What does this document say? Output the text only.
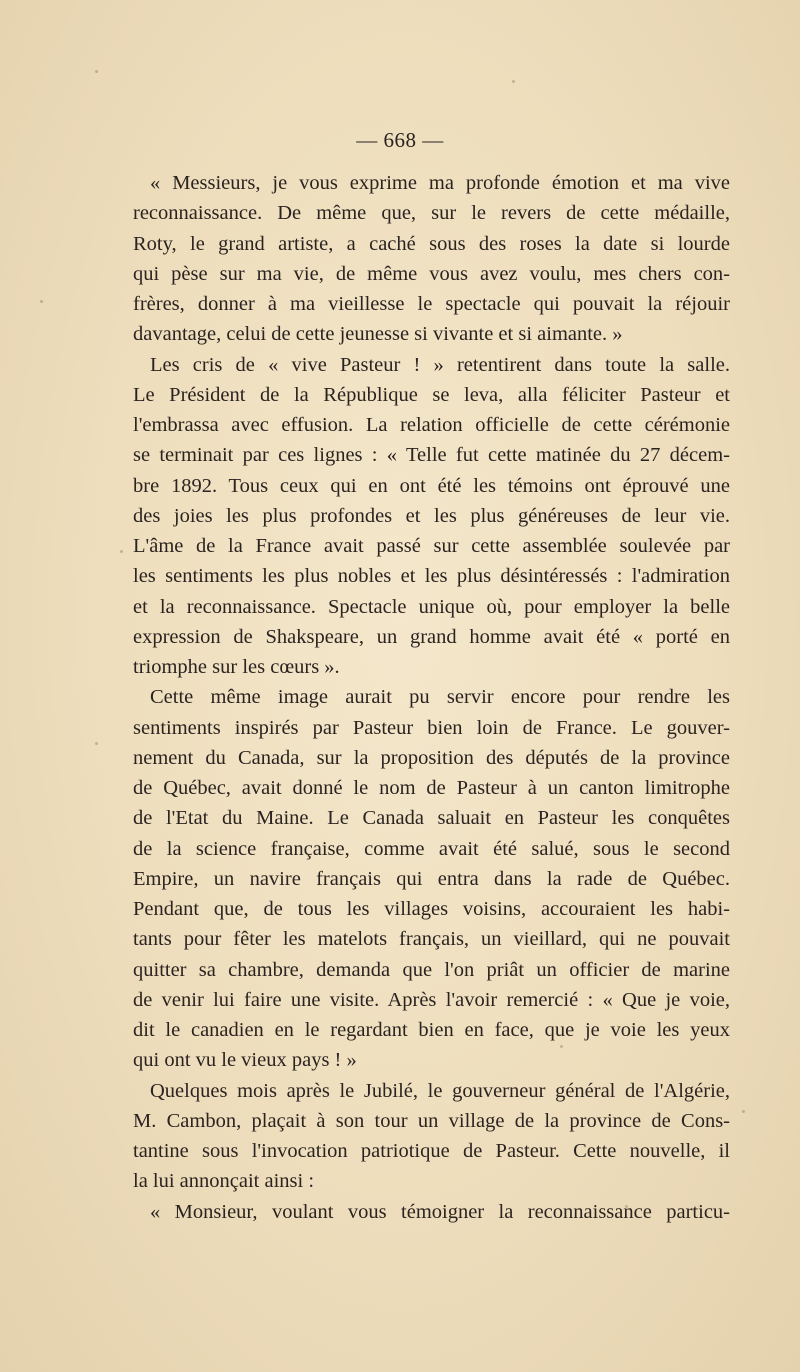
— 668 —
« Messieurs, je vous exprime ma profonde émotion et ma vive
reconnaissance. De même que, sur le revers de cette médaille,
Roty, le grand artiste, a caché sous des roses la date si lourde
qui pèse sur ma vie, de même vous avez voulu, mes chers con-
frères, donner à ma vieillesse le spectacle qui pouvait la réjouir
davantage, celui de cette jeunesse si vivante et si aimante. »
Les cris de « vive Pasteur ! » retentirent dans toute la salle.
Le Président de la République se leva, alla féliciter Pasteur et
l'embrassa avec effusion. La relation officielle de cette cérémonie
se terminait par ces lignes : « Telle fut cette matinée du 27 décem-
bre 1892. Tous ceux qui en ont été les témoins ont éprouvé une
des joies les plus profondes et les plus généreuses de leur vie.
L'âme de la France avait passé sur cette assemblée soulevée par
les sentiments les plus nobles et les plus désintéressés : l'admiration
et la reconnaissance. Spectacle unique où, pour employer la belle
expression de Shakspeare, un grand homme avait été « porté en
triomphe sur les cœurs ».
Cette même image aurait pu servir encore pour rendre les
sentiments inspirés par Pasteur bien loin de France. Le gouver-
nement du Canada, sur la proposition des députés de la province
de Québec, avait donné le nom de Pasteur à un canton limitrophe
de l'Etat du Maine. Le Canada saluait en Pasteur les conquêtes
de la science française, comme avait été salué, sous le second
Empire, un navire français qui entra dans la rade de Québec.
Pendant que, de tous les villages voisins, accouraient les habi-
tants pour fêter les matelots français, un vieillard, qui ne pouvait
quitter sa chambre, demanda que l'on priât un officier de marine
de venir lui faire une visite. Après l'avoir remercié : « Que je voie,
dit le canadien en le regardant bien en face, que je voie les yeux
qui ont vu le vieux pays ! »
Quelques mois après le Jubilé, le gouverneur général de l'Algérie,
M. Cambon, plaçait à son tour un village de la province de Cons-
tantine sous l'invocation patriotique de Pasteur. Cette nouvelle, il
la lui annonçait ainsi :
« Monsieur, voulant vous témoigner la reconnaissance particu-
